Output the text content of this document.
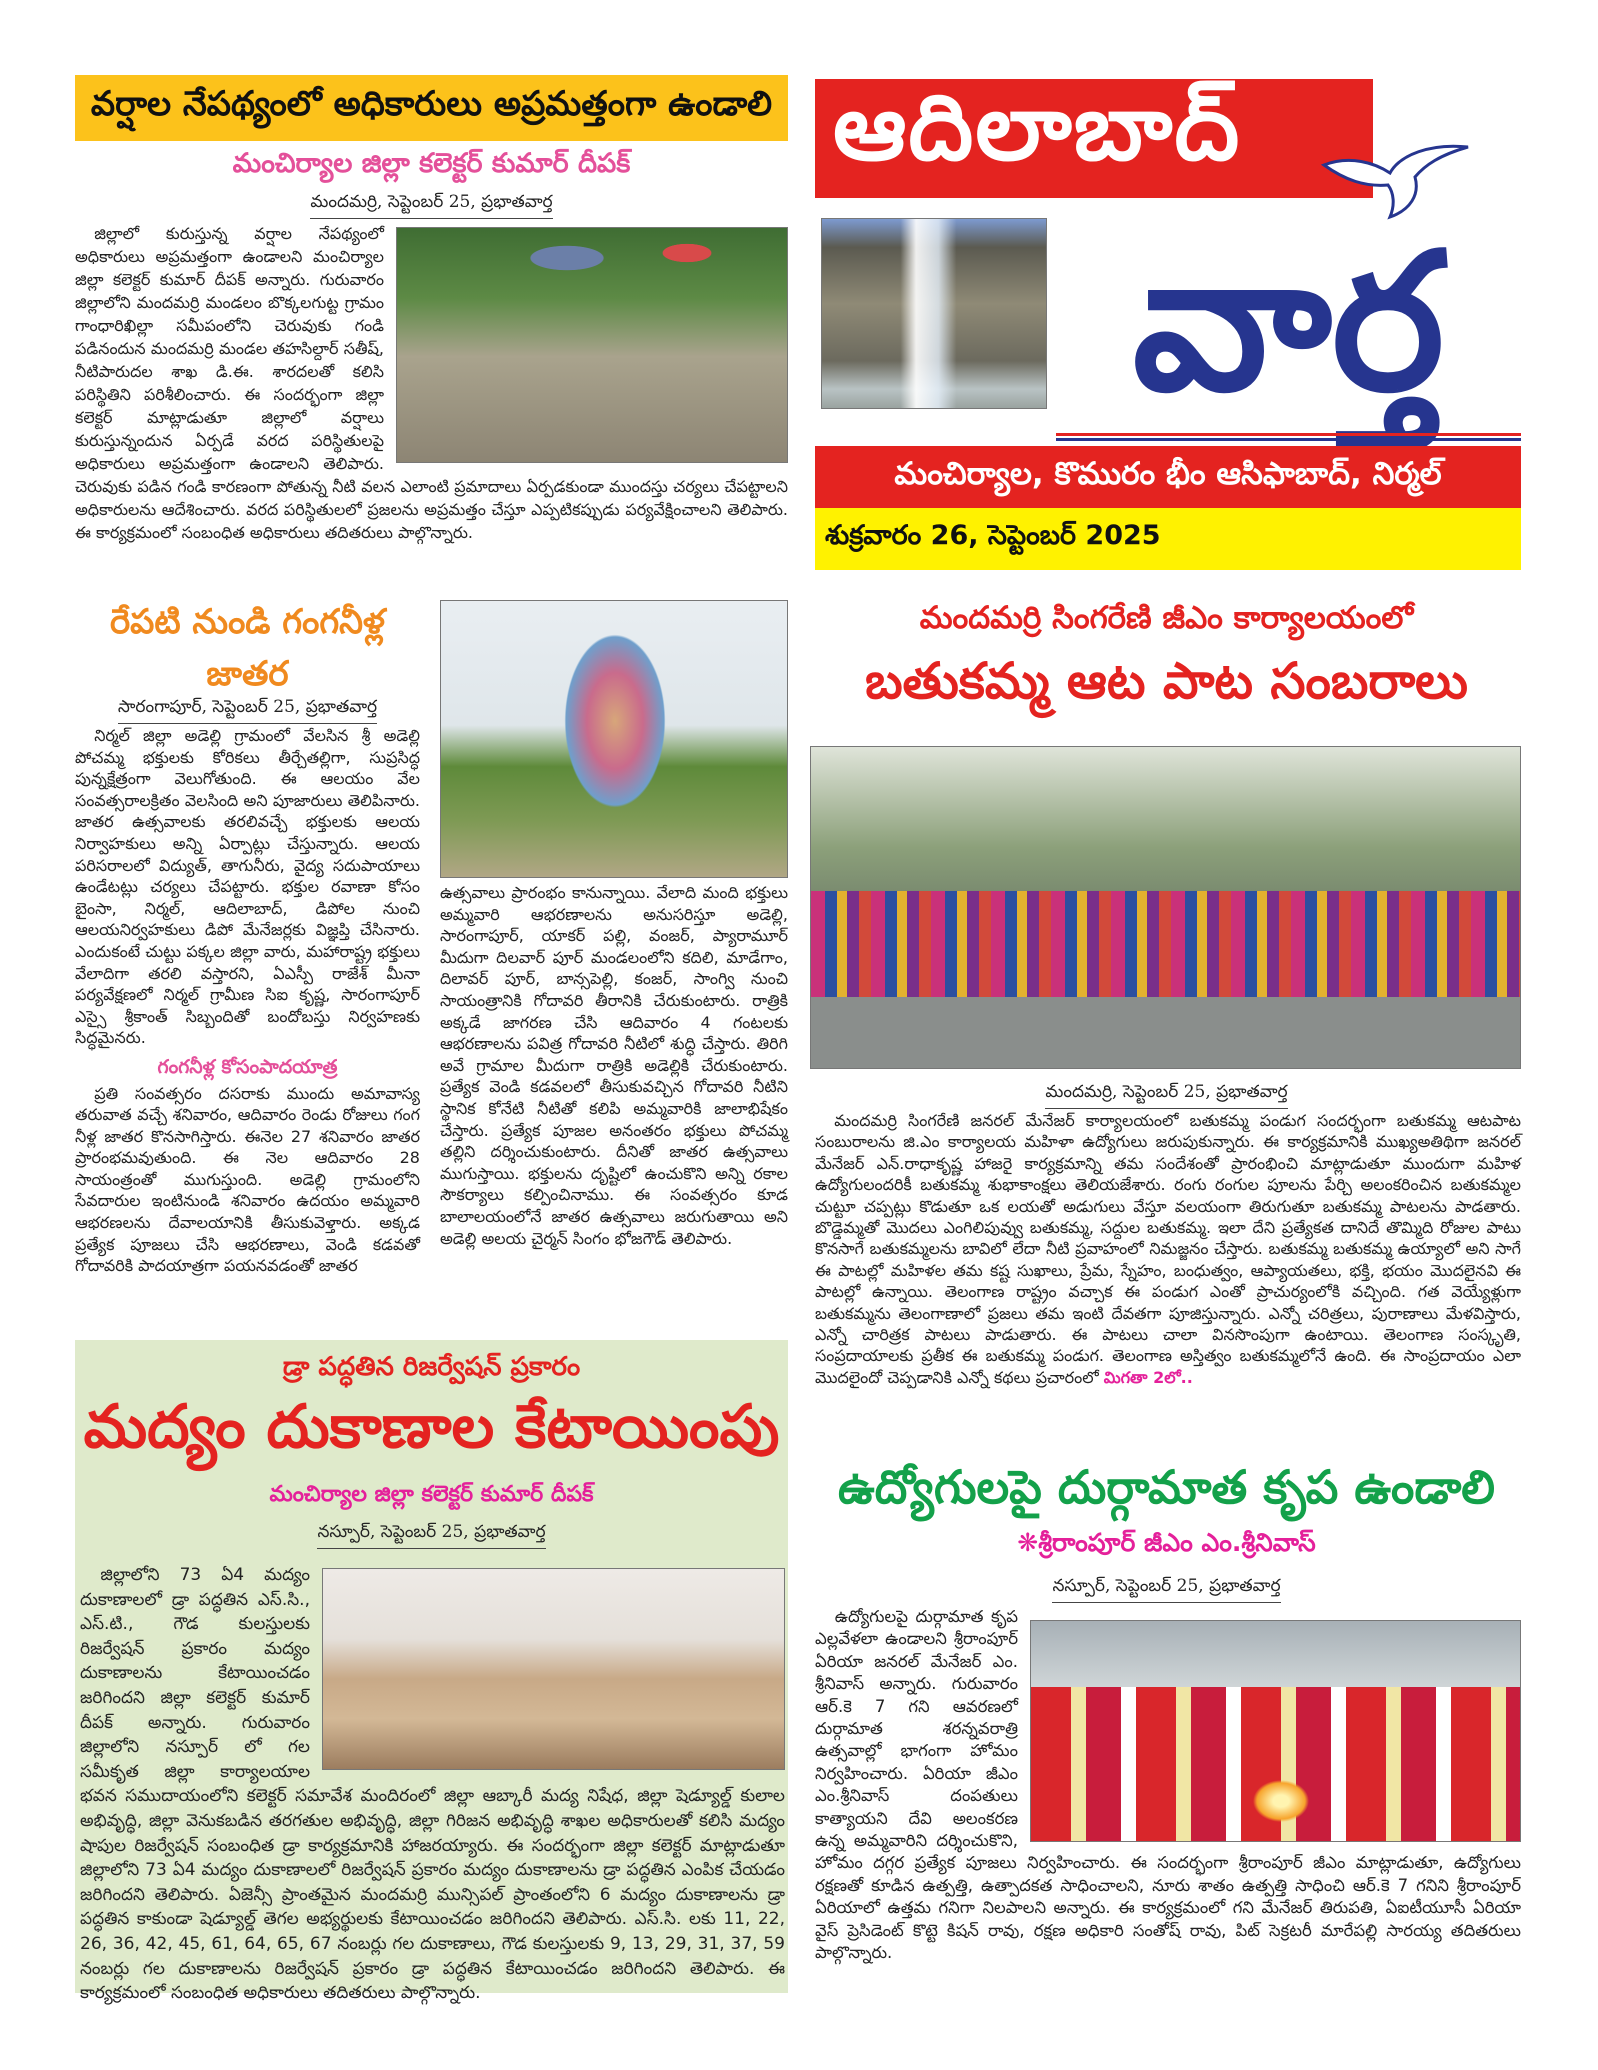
వర్షాల నేపథ్యంలో అధికారులు అప్రమత్తంగా ఉండాలి
మంచిర్యాల జిల్లా కలెక్టర్ కుమార్ దీపక్
మందమర్రి, సెప్టెంబర్ 25, ప్రభాతవార్త

జిల్లాలో కురుస్తున్న వర్షాల నేపథ్యంలో అధికారులు అప్రమత్తంగా ఉండాలని మంచిర్యాల జిల్లా కలెక్టర్ కుమార్ దీపక్ అన్నారు. గురువారం జిల్లాలోని మందమర్రి మండలం బొక్కలగుట్ట గ్రామం గాంధారిఖిల్లా సమీపంలోని చెరువుకు గండి పడినందున మందమర్రి మండల తహసిల్దార్ సతీష్, నీటిపారుదల శాఖ డి.ఈ. శారదలతో కలిసి పరిస్థితిని పరిశీలించారు. ఈ సందర్భంగా జిల్లా కలెక్టర్ మాట్లాడుతూ జిల్లాలో వర్షాలు కురుస్తున్నందున ఏర్పడే వరద పరిస్థితులపై అధికారులు అప్రమత్తంగా ఉండాలని తెలిపారు. చెరువుకు పడిన గండి కారణంగా పోతున్న నీటి వలన ఎలాంటి ప్రమాదాలు ఏర్పడకుండా ముందస్తు చర్యలు చేపట్టాలని అధికారులను ఆదేశించారు. వరద పరిస్థితులలో ప్రజలను అప్రమత్తం చేస్తూ ఎప్పటికప్పుడు పర్యవేక్షించాలని తెలిపారు. ఈ కార్యక్రమంలో సంబంధిత అధికారులు తదితరులు పాల్గొన్నారు.

ఆదిలాబాద్
వార్త
మంచిర్యాల, కొమురం భీం ఆసిఫాబాద్, నిర్మల్
శుక్రవారం 26, సెప్టెంబర్ 2025
రేపటి నుండి గంగనీళ్ల
జాతర
సారంగాపూర్, సెప్టెంబర్ 25, ప్రభాతవార్త

నిర్మల్ జిల్లా అడెల్లి గ్రామంలో వేలసిన శ్రీ అడెల్లి పోచమ్మ భక్తులకు కోరికలు తీర్చేతల్లిగా, సుప్రసిద్ధ పున్నక్షేత్రంగా వెలుగోతుంది. ఈ ఆలయం వేల సంవత్సరాలక్రితం వెలసింది అని పూజారులు తెలిపినారు. జాతర ఉత్సవాలకు తరలివచ్చే భక్తులకు ఆలయ నిర్వాహకులు అన్ని ఏర్పాట్లు చేస్తున్నారు. ఆలయ పరిసరాలలో విద్యుత్, తాగునీరు, వైద్య సదుపాయాలు ఉండేటట్లు చర్యలు చేపట్టారు. భక్తుల రవాణా కోసం బైంసా, నిర్మల్, ఆదిలాబాద్, డిపోల నుంచి ఆలయనిర్వహకులు డిపో మేనేజర్లకు విజ్ఞప్తి చేసినారు. ఎందుకంటే చుట్టు పక్కల జిల్లా వారు, మహారాష్ట్ర భక్తులు వేలాదిగా తరలి వస్తారని, ఏఎస్పీ రాజేశ్ మీనా పర్యవేక్షణలో నిర్మల్ గ్రామీణ సిఐ కృష్ణ, సారంగాపూర్ ఎస్సై శ్రీకాంత్ సిబ్బందితో బందోబస్తు నిర్వహణకు సిద్ధమైనరు.

గంగనీళ్ల కోసంపాదయాత్ర

ప్రతి సంవత్సరం దసరాకు ముందు అమావాస్య తరువాత వచ్చే శనివారం, ఆదివారం రెండు రోజులు గంగ నీళ్ల జాతర కొనసాగిస్తారు. ఈనెల 27 శనివారం జాతర ప్రారంభమవుతుంది. ఈ నెల ఆదివారం 28 సాయంత్రంతో ముగుస్తుంది. అడెల్లి గ్రామంలోని సేవదారుల ఇంటినుండి శనివారం ఉదయం అమ్మవారి ఆభరణలను దేవాలయానికి తీసుకువెళ్తారు. అక్కడ ప్రత్యేక పూజలు చేసి ఆభరణాలు, వెండి కడవతో గోదావరికి పాదయాత్రగా పయనవడంతో జాతర

ఉత్సవాలు ప్రారంభం కానున్నాయి. వేలాది మంది భక్తులు అమ్మవారి ఆభరణాలను అనుసరిస్తూ అడెల్లి, సారంగాపూర్, యాకర్ పల్లి, వంజర్, ప్యారామూర్ మీదుగా దిలవార్ పూర్ మండలంలోని కదిలి, మాడేగాం, దిలావర్ పూర్, బాన్సపెల్లి, కంజర్, సాంగ్వి నుంచి సాయంత్రానికి గోదావరి తీరానికి చేరుకుంటారు. రాత్రికి అక్కడే జాగరణ చేసి ఆదివారం 4 గంటలకు ఆభరణాలను పవిత్ర గోదావరి నీటిలో శుద్ధి చేస్తారు. తిరిగి అవే గ్రామాల మీదుగా రాత్రికి అడెల్లికి చేరుకుంటారు. ప్రత్యేక వెండి కడవలలో తీసుకువచ్చిన గోదావరి నీటిని స్థానిక కోనేటి నీటితో కలిపి అమ్మవారికి జాలాభిషేకం చేస్తారు. ప్రత్యేక పూజల అనంతరం భక్తులు పోచమ్మ తల్లిని దర్శించుకుంటారు. దీనితో జాతర ఉత్సవాలు ముగుస్తాయి. భక్తులను దృష్టిలో ఉంచుకొని అన్ని రకాల సౌకర్యాలు కల్పించినాము. ఈ సంవత్సరం కూడ బాలాలయంలోనే జాతర ఉత్సవాలు జరుగుతాయి అని అడెల్లి అలయ చైర్మన్ సింగం భోజగౌడ్ తెలిపారు.

మందమర్రి సింగరేణి జీఎం కార్యాలయంలో
బతుకమ్మ ఆట పాట సంబరాలు
మందమర్రి, సెప్టెంబర్ 25, ప్రభాతవార్త

మందమర్రి సింగరేణి జనరల్ మేనేజర్ కార్యాలయంలో బతుకమ్మ పండుగ సందర్భంగా బతుకమ్మ ఆటపాట సంబురాలను జి.ఎం కార్యాలయ మహిళా ఉద్యోగులు జరుపుకున్నారు. ఈ కార్యక్రమానికి ముఖ్యఅతిథిగా జనరల్ మేనేజర్ ఎన్.రాధాకృష్ణ హాజరై కార్యక్రమాన్ని తమ సందేశంతో ప్రారంభించి మాట్లాడుతూ ముందుగా మహిళ ఉద్యోగులందరికీ బతుకమ్మ శుభాకాంక్షలు తెలియజేశారు. రంగు రంగుల పూలను పేర్చి అలంకరించిన బతుకమ్మల చుట్టూ చప్పట్లు కొడుతూ ఒక లయతో అడుగులు వేస్తూ వలయంగా తిరుగుతూ బతుకమ్మ పాటలను పాడతారు. బొడ్డెమ్మతో మొదలు ఎంగిలిపువ్వు బతుకమ్మ, సద్దుల బతుకమ్మ. ఇలా దేని ప్రత్యేకత దానిదే తొమ్మిది రోజుల పాటు కొనసాగే బతుకమ్మలను బావిలో లేదా నీటి ప్రవాహంలో నిమజ్జనం చేస్తారు. బతుకమ్మ బతుకమ్మ ఉయ్యాలో అని సాగే ఈ పాటల్లో మహిళల తమ కష్ట సుఖాలు, ప్రేమ, స్నేహం, బంధుత్వం, ఆప్యాయతలు, భక్తి, భయం మొదలైనవి ఈ పాటల్లో ఉన్నాయి. తెలంగాణ రాష్ట్రం వచ్చాక ఈ పండుగ ఎంతో ప్రాచుర్యంలోకి వచ్చింది. గత వెయ్యేళ్లుగా బతుకమ్మను తెలంగాణాలో ప్రజలు తమ ఇంటి దేవతగా పూజిస్తున్నారు. ఎన్నో చరిత్రలు, పురాణాలు మేళవిస్తారు, ఎన్నో చారిత్రక పాటలు పాడుతారు. ఈ పాటలు చాలా వినసొంపుగా ఉంటాయి. తెలంగాణ సంస్కృతి, సంప్రదాయాలకు ప్రతీక ఈ బతుకమ్మ పండుగ. తెలంగాణ అస్తిత్వం బతుకమ్మలోనే ఉంది. ఈ సాంప్రదాయం ఎలా మొదలైందో చెప్పడానికి ఎన్నో కథలు ప్రచారంలో మిగతా 2లో..

డ్రా పద్ధతిన రిజర్వేషన్ ప్రకారం
మద్యం దుకాణాల కేటాయింపు
మంచిర్యాల జిల్లా కలెక్టర్ కుమార్ దీపక్
నస్పూర్, సెప్టెంబర్ 25, ప్రభాతవార్త

జిల్లాలోని 73 ఏ4 మద్యం దుకాణాలలో డ్రా పద్ధతిన ఎస్.సి., ఎస్.టి., గౌడ కులస్తులకు రిజర్వేషన్ ప్రకారం మద్యం దుకాణాలను కేటాయించడం జరిగిందని జిల్లా కలెక్టర్ కుమార్ దీపక్ అన్నారు. గురువారం జిల్లాలోని నస్పూర్ లో గల సమీకృత జిల్లా కార్యాలయాల భవన సముదాయంలోని కలెక్టర్ సమావేశ మందిరంలో జిల్లా ఆబ్కారీ మద్య నిషేధ, జిల్లా షెడ్యూల్డ్ కులాల అభివృద్ధి, జిల్లా వెనుకబడిన తరగతుల అభివృద్ధి, జిల్లా గిరిజన అభివృద్ధి శాఖల అధికారులతో కలిసి మద్యం షాపుల రిజర్వేషన్ సంబంధిత డ్రా కార్యక్రమానికి హాజరయ్యారు. ఈ సందర్భంగా జిల్లా కలెక్టర్ మాట్లాడుతూ జిల్లాలోని 73 ఏ4 మద్యం దుకాణాలలో రిజర్వేషన్ ప్రకారం మద్యం దుకాణాలను డ్రా పద్ధతిన ఎంపిక చేయడం జరిగిందని తెలిపారు. ఏజెన్సీ ప్రాంతమైన మందమర్రి మున్సిపల్ ప్రాంతంలోని 6 మద్యం దుకాణాలను డ్రా పద్ధతిన కాకుండా షెడ్యూల్డ్ తెగల అభ్యర్థులకు కేటాయించడం జరిగిందని తెలిపారు. ఎస్.సి. లకు 11, 22, 26, 36, 42, 45, 61, 64, 65, 67 నంబర్లు గల దుకాణాలు, గౌడ కులస్తులకు 9, 13, 29, 31, 37, 59 నంబర్లు గల దుకాణాలను రిజర్వేషన్ ప్రకారం డ్రా పద్ధతిన కేటాయించడం జరిగిందని తెలిపారు. ఈ కార్యక్రమంలో సంబంధిత అధికారులు తదితరులు పాల్గొన్నారు.

ఉద్యోగులపై దుర్గామాత కృప ఉండాలి
❋శ్రీరాంపూర్ జీఎం ఎం.శ్రీనివాస్
నస్పూర్, సెప్టెంబర్ 25, ప్రభాతవార్త

ఉద్యోగులపై దుర్గామాత కృప ఎల్లవేళలా ఉండాలని శ్రీరాంపూర్ ఏరియా జనరల్ మేనేజర్ ఎం. శ్రీనివాస్ అన్నారు. గురువారం ఆర్.కె 7 గని ఆవరణలో దుర్గామాత శరన్నవరాత్రి ఉత్సవాల్లో భాగంగా హోమం నిర్వహించారు. ఏరియా జీఎం ఎం.శ్రీనివాస్ దంపతులు కాత్యాయని దేవి అలంకరణ ఉన్న అమ్మవారిని దర్శించుకొని, హోమం దగ్గర ప్రత్యేక పూజలు నిర్వహించారు. ఈ సందర్భంగా శ్రీరాంపూర్ జీఎం మాట్లాడుతూ, ఉద్యోగులు రక్షణతో కూడిన ఉత్పత్తి, ఉత్పాదకత సాధించాలని, నూరు శాతం ఉత్పత్తి సాధించి ఆర్.కె 7 గనిని శ్రీరాంపూర్ ఏరియాలో ఉత్తమ గనిగా నిలపాలని అన్నారు. ఈ కార్యక్రమంలో గని మేనేజర్ తిరుపతి, ఏఐటీయూసీ ఏరియా వైస్ ప్రెసిడెంట్ కొట్టె కిషన్ రావు, రక్షణ అధికారి సంతోష్ రావు, పిట్ సెక్రటరీ మారేపల్లి సారయ్య తదితరులు పాల్గొన్నారు.
